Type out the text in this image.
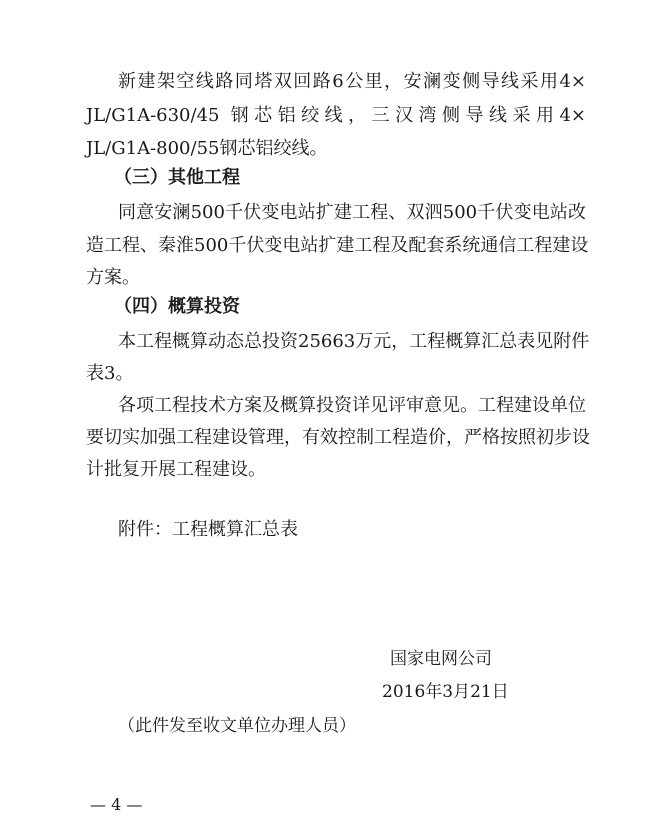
新建架空线路同塔双回路6公里，安澜变侧导线采用4×
JL/G1A-630/45 钢芯铝绞线，三汉湾侧导线采用4×
JL/G1A-800/55钢芯铝绞线。
（三）其他工程
同意安澜500千伏变电站扩建工程、双泗500千伏变电站改
造工程、秦淮500千伏变电站扩建工程及配套系统通信工程建设
方案。
（四）概算投资
本工程概算动态总投资25663万元，工程概算汇总表见附件
表3。
各项工程技术方案及概算投资详见评审意见。工程建设单位
要切实加强工程建设管理，有效控制工程造价，严格按照初步设
计批复开展工程建设。
附件：工程概算汇总表
国家电网公司
2016年3月21日
（此件发至收文单位办理人员）
— 4 —
